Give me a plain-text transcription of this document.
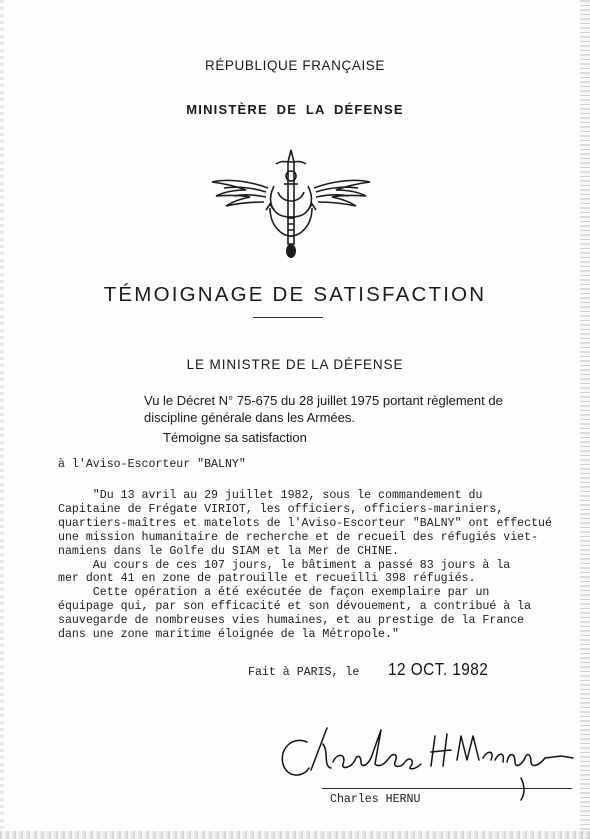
RÉPUBLIQUE FRANÇAISE
MINISTÈRE DE LA DÉFENSE
TÉMOIGNAGE DE SATISFACTION
LE MINISTRE DE LA DÉFENSE
Vu le Décret N° 75-675 du 28 juillet 1975 portant règlement de
discipline générale dans les Armées.
Témoigne sa satisfaction
à l'Aviso-Escorteur "BALNY"

"Du 13 avril au 29 juillet 1982, sous le commandement du

Capitaine de Frégate VIRIOT, les officiers, officiers-mariniers,

quartiers-maîtres et matelots de l'Aviso-Escorteur "BALNY" ont effectué

une mission humanitaire de recherche et de recueil des réfugiés viet-

namiens dans le Golfe du SIAM et la Mer de CHINE.

Au cours de ces 107 jours, le bâtiment a passé 83 jours à la

mer dont 41 en zone de patrouille et recueilli 398 réfugiés.

Cette opération a été exécutée de façon exemplaire par un

équipage qui, par son efficacité et son dévouement, a contribué à la

sauvegarde de nombreuses vies humaines, et au prestige de la France

dans une zone maritime éloignée de la Métropole."

Fait à PARIS, le 12 OCT. 1982
Charles HERNU
